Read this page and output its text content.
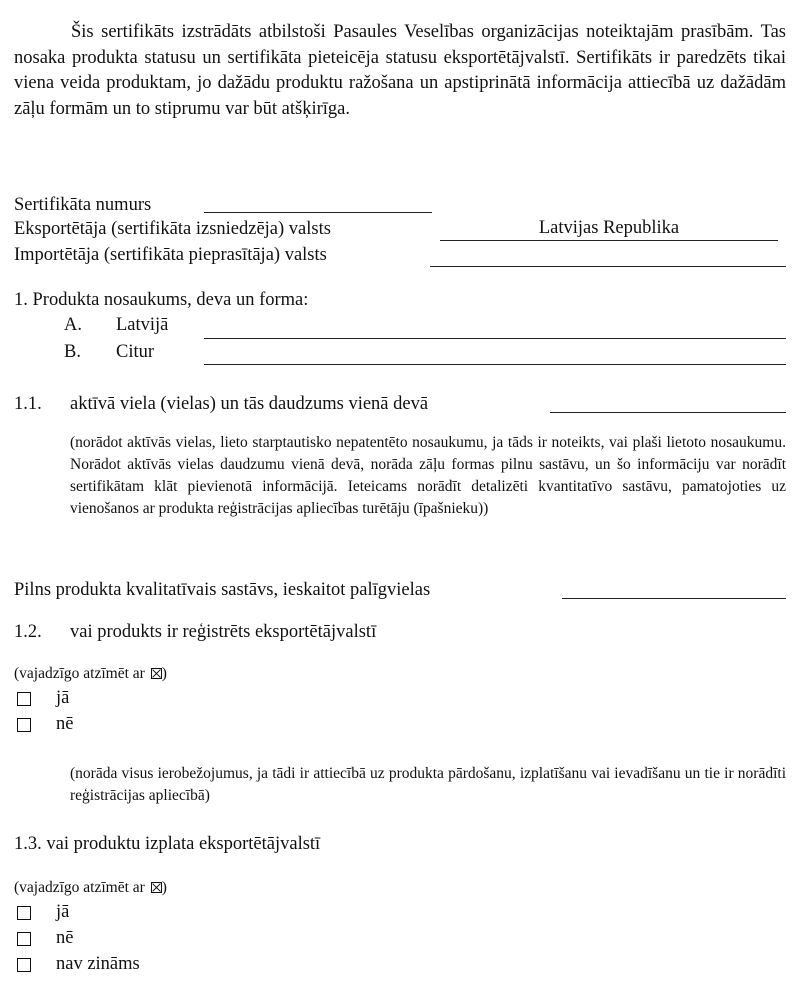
Šis sertifikāts izstrādāts atbilstoši Pasaules Veselības organizācijas noteiktajām prasībām. Tas nosaka produkta statusu un sertifikāta pieteicēja statusu eksportētājvalstī. Sertifikāts ir paredzēts tikai viena veida produktam, jo dažādu produktu ražošana un apstiprinātā informācija attiecībā uz dažādām zāļu formām un to stiprumu var būt atšķirīga.
Sertifikāta numurs
Eksportētāja (sertifikāta izsniedzēja) valsts	Latvijas Republika
Importētāja (sertifikāta pieprasītāja) valsts
1. Produkta nosaukums, deva un forma:
A. Latvijā
B. Citur
1.1. aktīvā viela (vielas) un tās daudzums vienā devā
(norādot aktīvās vielas, lieto starptautisko nepatentēto nosaukumu, ja tāds ir noteikts, vai plaši lietoto nosaukumu. Norādot aktīvās vielas daudzumu vienā devā, norāda zāļu formas pilnu sastāvu, un šo informāciju var norādīt sertifikātam klāt pievienotā informācijā. Ieteicams norādīt detalizēti kvantitatīvo sastāvu, pamatojoties uz vienošanos ar produkta reģistrācijas apliecības turētāju (īpašnieku))
Pilns produkta kvalitatīvais sastāvs, ieskaitot palīgvielas
1.2. vai produkts ir reģistrēts eksportētājvalstī
(vajadzīgo atzīmēt ar )
jā
nē
(norāda visus ierobežojumus, ja tādi ir attiecībā uz produkta pārdošanu, izplatīšanu vai ievadīšanu un tie ir norādīti reģistrācijas apliecībā)
1.3. vai produktu izplata eksportētājvalstī
(vajadzīgo atzīmēt ar )
jā
nē
nav zināms
